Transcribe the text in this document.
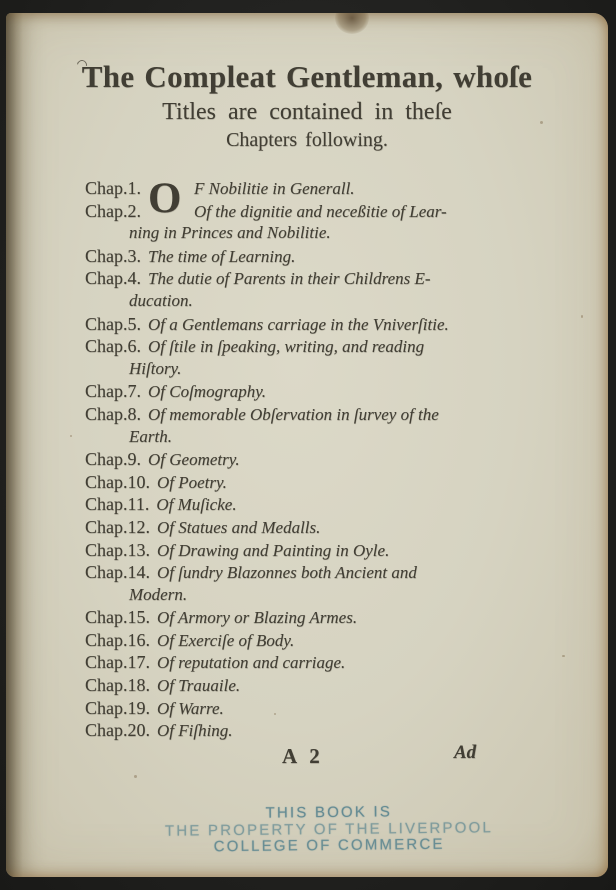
The Compleat Gentleman, whoſe
Titles are contained in theſe
Chapters following.
Chap.1. O F Nobilitie in Generall.
Chap.2.	Of the dignitie and neceßitie of Lear-
ning in Princes and Nobilitie.
Chap.3. The time of Learning.
Chap.4. The dutie of Parents in their Childrens E-
ducation.
Chap.5. Of a Gentlemans carriage in the Vniverſitie.
Chap.6. Of ſtile in ſpeaking, writing, and reading
Hiſtory.
Chap.7. Of Coſmography.
Chap.8. Of memorable Obſervation in ſurvey of the
Earth.
Chap.9. Of Geometry.
Chap.10. Of Poetry.
Chap.11. Of Muſicke.
Chap.12. Of Statues and Medalls.
Chap.13. Of Drawing and Painting in Oyle.
Chap.14. Of ſundry Blazonnes both Ancient and
Modern.
Chap.15. Of Armory or Blazing Armes.
Chap.16. Of Exerciſe of Body.
Chap.17. Of reputation and carriage.
Chap.18. Of Trauaile.
Chap.19. Of Warre.
Chap.20. Of Fiſhing.
A 2	Ad
THIS BOOK IS
THE PROPERTY OF THE LIVERPOOL
COLLEGE OF COMMERCE
